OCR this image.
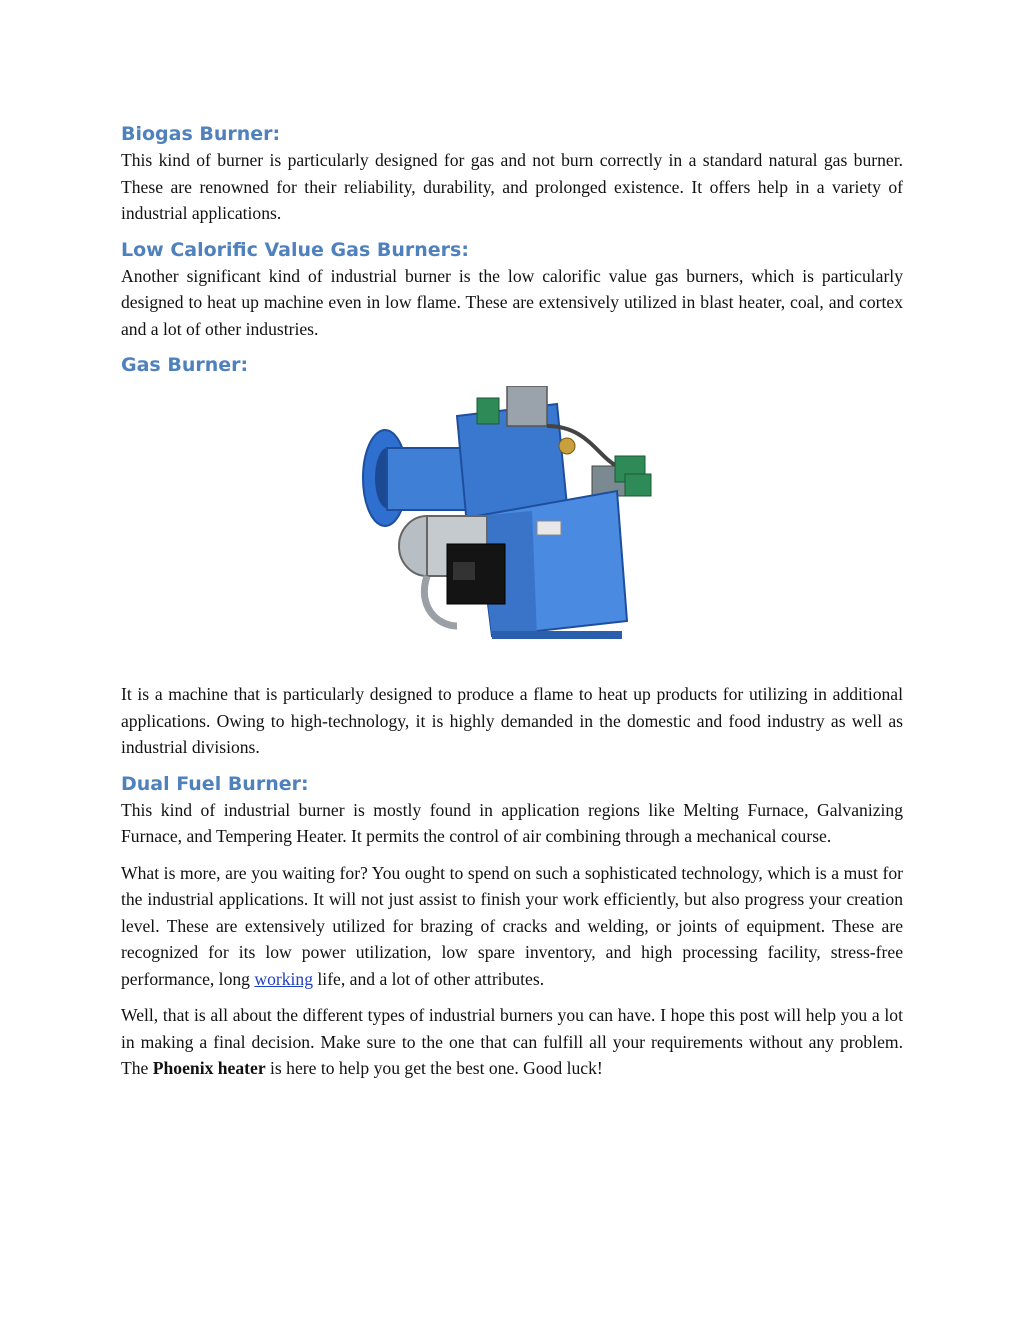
Biogas Burner:

This kind of burner is particularly designed for gas and not burn correctly in a standard natural gas burner. These are renowned for their reliability, durability, and prolonged existence. It offers help in a variety of industrial applications.

Low Calorific Value Gas Burners:

Another significant kind of industrial burner is the low calorific value gas burners, which is particularly designed to heat up machine even in low flame. These are extensively utilized in blast heater, coal, and cortex and a lot of other industries.

Gas Burner:

It is a machine that is particularly designed to produce a flame to heat up products for utilizing in additional applications. Owing to high-technology, it is highly demanded in the domestic and food industry as well as industrial divisions.

Dual Fuel Burner:

This kind of industrial burner is mostly found in application regions like Melting Furnace, Galvanizing Furnace, and Tempering Heater. It permits the control of air combining through a mechanical course.

What is more, are you waiting for? You ought to spend on such a sophisticated technology, which is a must for the industrial applications. It will not just assist to finish your work efficiently, but also progress your creation level. These are extensively utilized for brazing of cracks and welding, or joints of equipment. These are recognized for its low power utilization, low spare inventory, and high processing facility, stress-free performance, long working life, and a lot of other attributes.

Well, that is all about the different types of industrial burners you can have. I hope this post will help you a lot in making a final decision. Make sure to the one that can fulfill all your requirements without any problem. The Phoenix heater is here to help you get the best one. Good luck!
